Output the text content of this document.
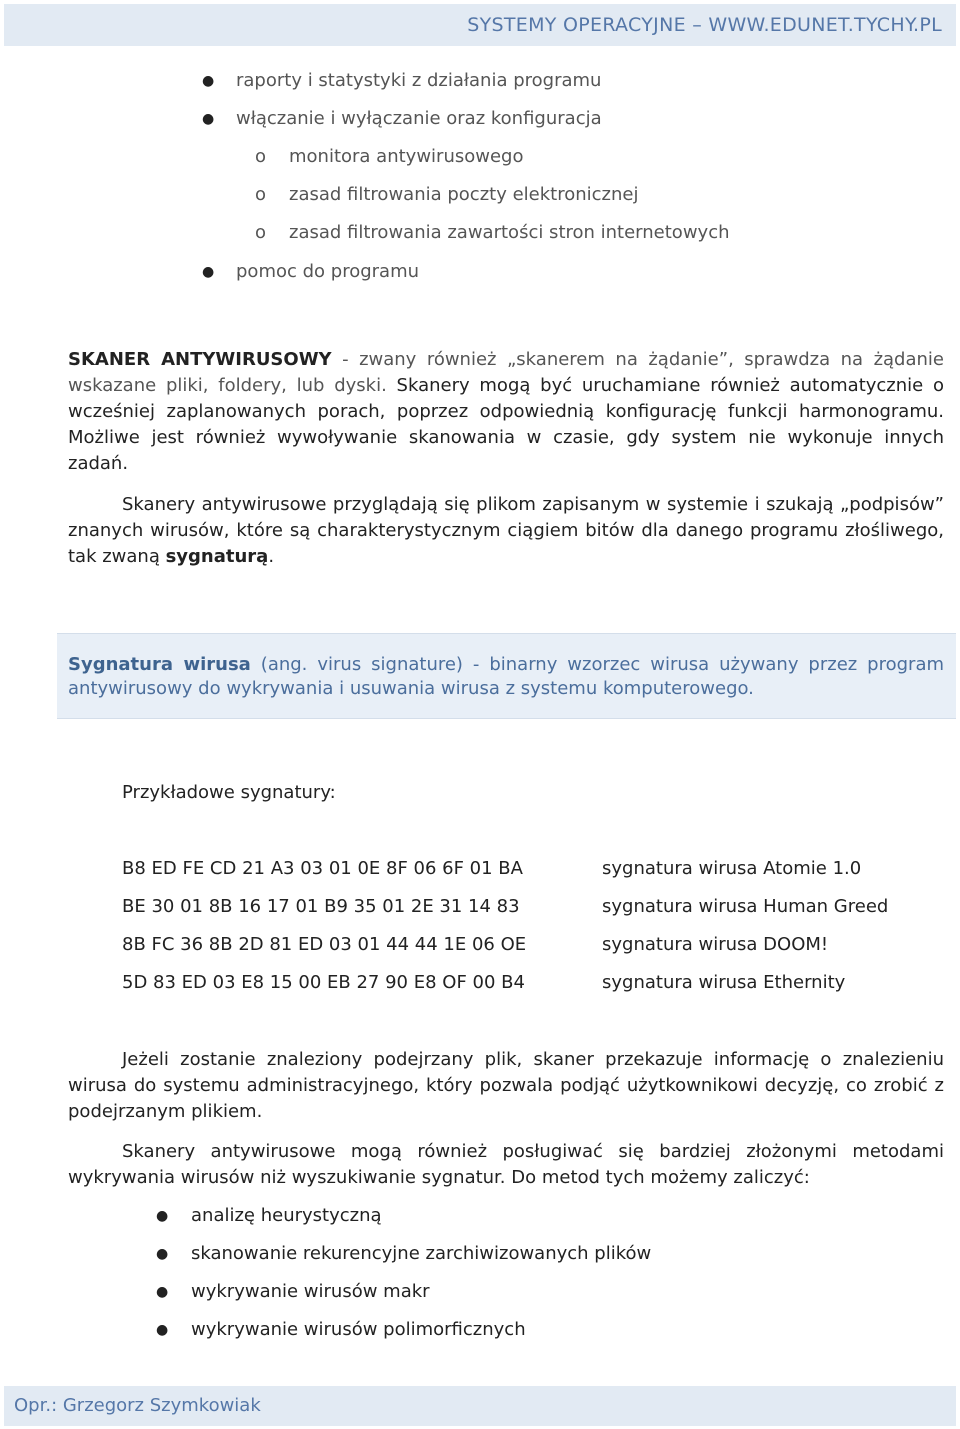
SYSTEMY OPERACYJNE – WWW.EDUNET.TYCHY.PL
● raporty i statystyki z działania programu
● włączanie i wyłączanie oraz konfiguracja
o monitora antywirusowego
o zasad filtrowania poczty elektronicznej
o zasad filtrowania zawartości stron internetowych
● pomoc do programu

SKANER ANTYWIRUSOWY - zwany również „skanerem na żądanie”, sprawdza na żądanie wskazane pliki, foldery, lub dyski. Skanery mogą być uruchamiane również automatycznie o wcześniej zaplanowanych porach, poprzez odpowiednią konfigurację funkcji harmonogramu. Możliwe jest również wywoływanie skanowania w czasie, gdy system nie wykonuje innych zadań.

Skanery antywirusowe przyglądają się plikom zapisanym w systemie i szukają „podpisów” znanych wirusów, które są charakterystycznym ciągiem bitów dla danego programu złośliwego, tak zwaną sygnaturą.

Sygnatura wirusa (ang. virus signature) - binarny wzorzec wirusa używany przez program antywirusowy do wykrywania i usuwania wirusa z systemu komputerowego.
Przykładowe sygnatury:
B8 ED FE CD 21 A3 03 01 0E 8F 06 6F 01 BA	sygnatura wirusa Atomie 1.0
BE 30 01 8B 16 17 01 B9 35 01 2E 31 14 83	sygnatura wirusa Human Greed
8B FC 36 8B 2D 81 ED 03 01 44 44 1E 06 OE	sygnatura wirusa DOOM!
5D 83 ED 03 E8 15 00 EB 27 90 E8 OF 00 B4	sygnatura wirusa Ethernity

Jeżeli zostanie znaleziony podejrzany plik, skaner przekazuje informację o znalezieniu wirusa do systemu administracyjnego, który pozwala podjąć użytkownikowi decyzję, co zrobić z podejrzanym plikiem.

Skanery antywirusowe mogą również posługiwać się bardziej złożonymi metodami wykrywania wirusów niż wyszukiwanie sygnatur. Do metod tych możemy zaliczyć:

● analizę heurystyczną
● skanowanie rekurencyjne zarchiwizowanych plików
● wykrywanie wirusów makr
● wykrywanie wirusów polimorficznych
Opr.: Grzegorz Szymkowiak
